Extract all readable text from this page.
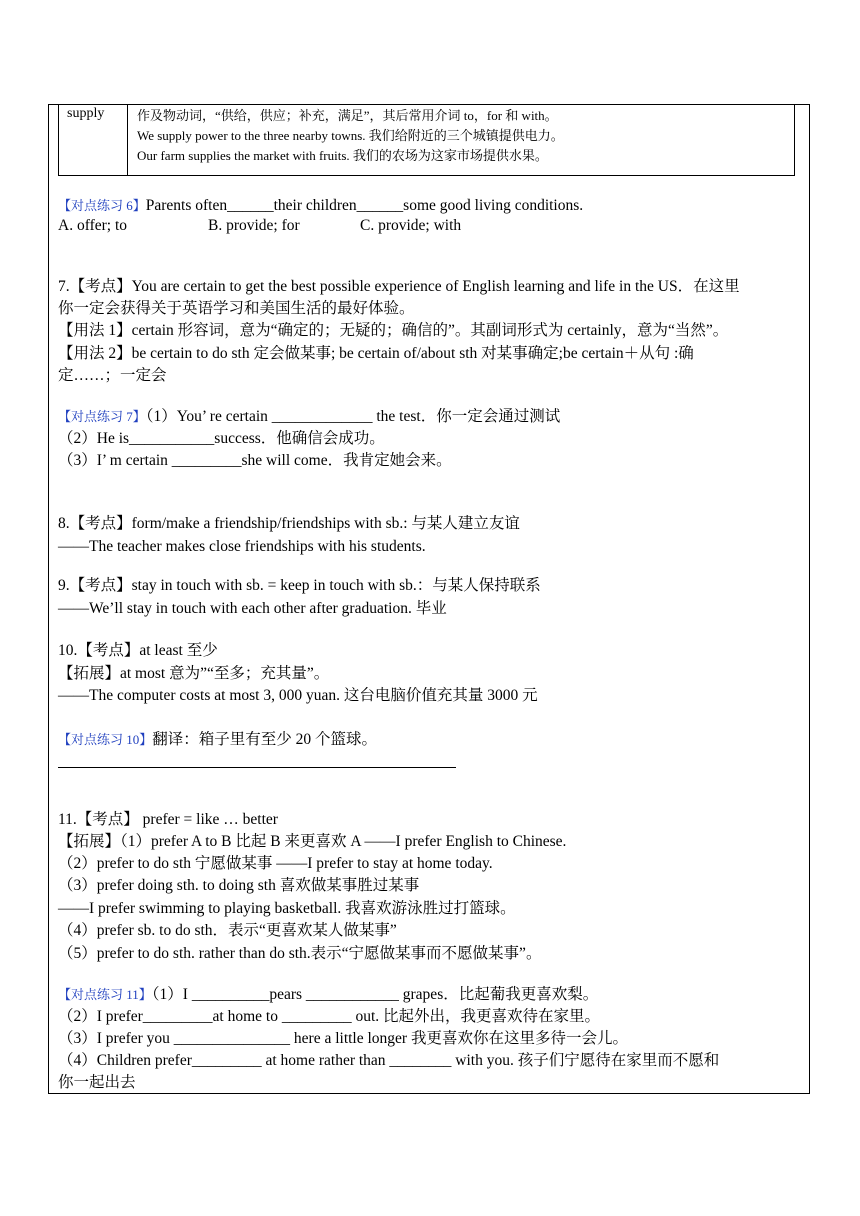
supply	作及物动词，“供给，供应；补充，满足”，其后常用介词 to，for 和 with。
We supply power to the three nearby towns. 我们给附近的三个城镇提供电力。
Our farm supplies the market with fruits. 我们的农场为这家市场提供水果。
【对点练习 6】Parents often______their children______some good living conditions.
A. offer; to	B. provide; for	C. provide; with
7.【考点】You are certain to get the best possible experience of English learning and life in the US．在这里
你一定会获得关于英语学习和美国生活的最好体验。
【用法 1】certain 形容词，意为“确定的；无疑的；确信的”。其副词形式为 certainly，意为“当然”。
【用法 2】be certain to do sth 定会做某事; be certain of/about sth 对某事确定;be certain＋从句 :确
定……；一定会
【对点练习 7】（1）You’ re certain _____________ the test．你一定会通过测试
（2）He is___________success．他确信会成功。
（3）I’ m certain _________she will come．我肯定她会来。
8.【考点】form/make a friendship/friendships with sb.: 与某人建立友谊
——The teacher makes close friendships with his students.
9.【考点】stay in touch with sb. = keep in touch with sb.：与某人保持联系
——We’ll stay in touch with each other after graduation. 毕业
10.【考点】at least 至少
【拓展】at most 意为”“至多；充其量”。
——The computer costs at most 3, 000 yuan. 这台电脑价值充其量 3000 元
【对点练习 10】翻译：箱子里有至少 20 个篮球。
11.【考点】 prefer = like … better
【拓展】（1）prefer A to B 比起 B 来更喜欢 A ——I prefer English to Chinese.
（2）prefer to do sth 宁愿做某事 ——I prefer to stay at home today.
（3）prefer doing sth. to doing sth 喜欢做某事胜过某事
——I prefer swimming to playing basketball. 我喜欢游泳胜过打篮球。
（4）prefer sb. to do sth．表示“更喜欢某人做某事”
（5）prefer to do sth. rather than do sth.表示“宁愿做某事而不愿做某事”。
【对点练习 11】（1）I __________pears ____________ grapes．比起葡我更喜欢梨。
（2）I prefer_________at home to _________ out. 比起外出，我更喜欢待在家里。
（3）I prefer you _______________ here a little longer 我更喜欢你在这里多待一会儿。
（4）Children prefer_________ at home rather than ________ with you. 孩子们宁愿待在家里而不愿和
你一起出去
